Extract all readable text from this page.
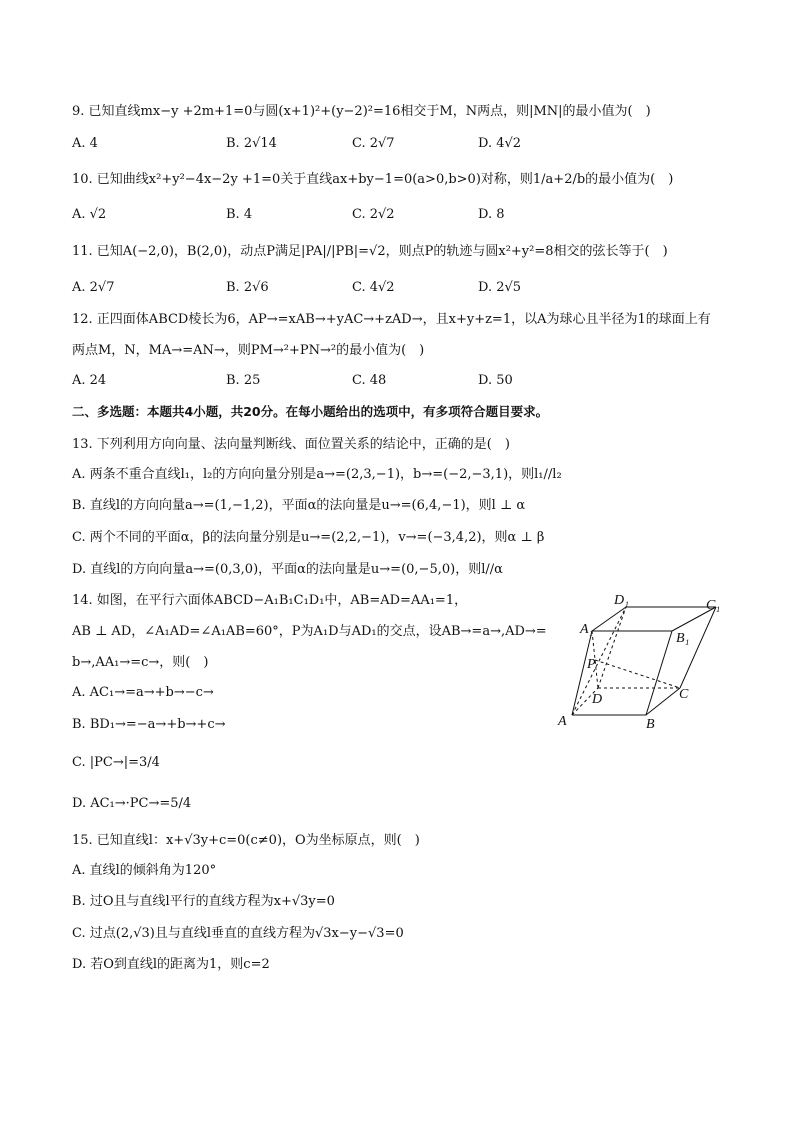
9. 已知直线mx−y +2m+1=0与圆(x+1)²+(y−2)²=16相交于M，N两点，则|MN|的最小值为(　)
A. 4	B. 2√14	C. 2√7	D. 4√2
10. 已知曲线x²+y²−4x−2y +1=0关于直线ax+by−1=0(a>0,b>0)对称，则1/a+2/b的最小值为(　)
A. √2	B. 4	C. 2√2	D. 8
11. 已知A(−2,0)，B(2,0)，动点P满足|PA|/|PB|=√2，则点P的轨迹与圆x²+y²=8相交的弦长等于(　)
A. 2√7	B. 2√6	C. 4√2	D. 2√5
12. 正四面体ABCD棱长为6，AP→=xAB→+yAC→+zAD→，且x+y+z=1，以A为球心且半径为1的球面上有
两点M，N，MA→=AN→，则PM→²+PN→²的最小值为(　)
A. 24	B. 25	C. 48	D. 50
二、多选题：本题共4小题，共20分。在每小题给出的选项中，有多项符合题目要求。
13. 下列利用方向向量、法向量判断线、面位置关系的结论中，正确的是(　)
A. 两条不重合直线l₁，l₂的方向向量分别是a→=(2,3,−1)，b→=(−2,−3,1)，则l₁//l₂
B. 直线l的方向向量a→=(1,−1,2)，平面α的法向量是u→=(6,4,−1)，则l ⊥ α
C. 两个不同的平面α，β的法向量分别是u→=(2,2,−1)，v→=(−3,4,2)，则α ⊥ β
D. 直线l的方向向量a→=(0,3,0)，平面α的法向量是u→=(0,−5,0)，则l//α
14. 如图，在平行六面体ABCD−A₁B₁C₁D₁中，AB=AD=AA₁=1，
AB ⊥ AD，∠A₁AD=∠A₁AB=60°，P为A₁D与AD₁的交点，设AB→=a→,AD→=
b→,AA₁→=c→，则(　)
A. AC₁→=a→+b→−c→
B. BD₁→=−a→+b→+c→
C. |PC→|=3/4
D. AC₁→·PC→=5/4
D₁	C₁
A₁
B₁
P
D	C
A	B
15. 已知直线l：x+√3y+c=0(c≠0)，O为坐标原点，则(　)
A. 直线l的倾斜角为120°
B. 过O且与直线l平行的直线方程为x+√3y=0
C. 过点(2,√3)且与直线l垂直的直线方程为√3x−y−√3=0
D. 若O到直线l的距离为1，则c=2
